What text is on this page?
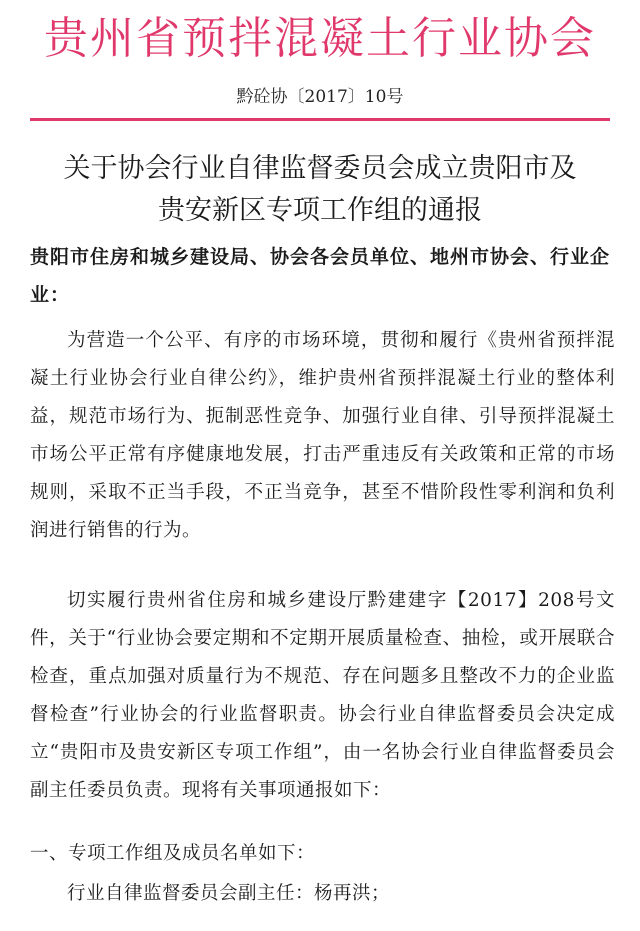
贵州省预拌混凝土行业协会
黔砼协〔2017〕10号
关于协会行业自律监督委员会成立贵阳市及
贵安新区专项工作组的通报
贵阳市住房和城乡建设局、协会各会员单位、地州市协会、行业企业：
为营造一个公平、有序的市场环境，贯彻和履行《贵州省预拌混凝土行业协会行业自律公约》，维护贵州省预拌混凝土行业的整体利益，规范市场行为、扼制恶性竞争、加强行业自律、引导预拌混凝土市场公平正常有序健康地发展，打击严重违反有关政策和正常的市场规则，采取不正当手段，不正当竞争，甚至不惜阶段性零利润和负利润进行销售的行为。
切实履行贵州省住房和城乡建设厅黔建建字【2017】208号文件，关于“行业协会要定期和不定期开展质量检查、抽检，或开展联合检查，重点加强对质量行为不规范、存在问题多且整改不力的企业监督检查”行业协会的行业监督职责。协会行业自律监督委员会决定成立“贵阳市及贵安新区专项工作组”，由一名协会行业自律监督委员会副主任委员负责。现将有关事项通报如下：
一、专项工作组及成员名单如下：
行业自律监督委员会副主任：杨再洪；
